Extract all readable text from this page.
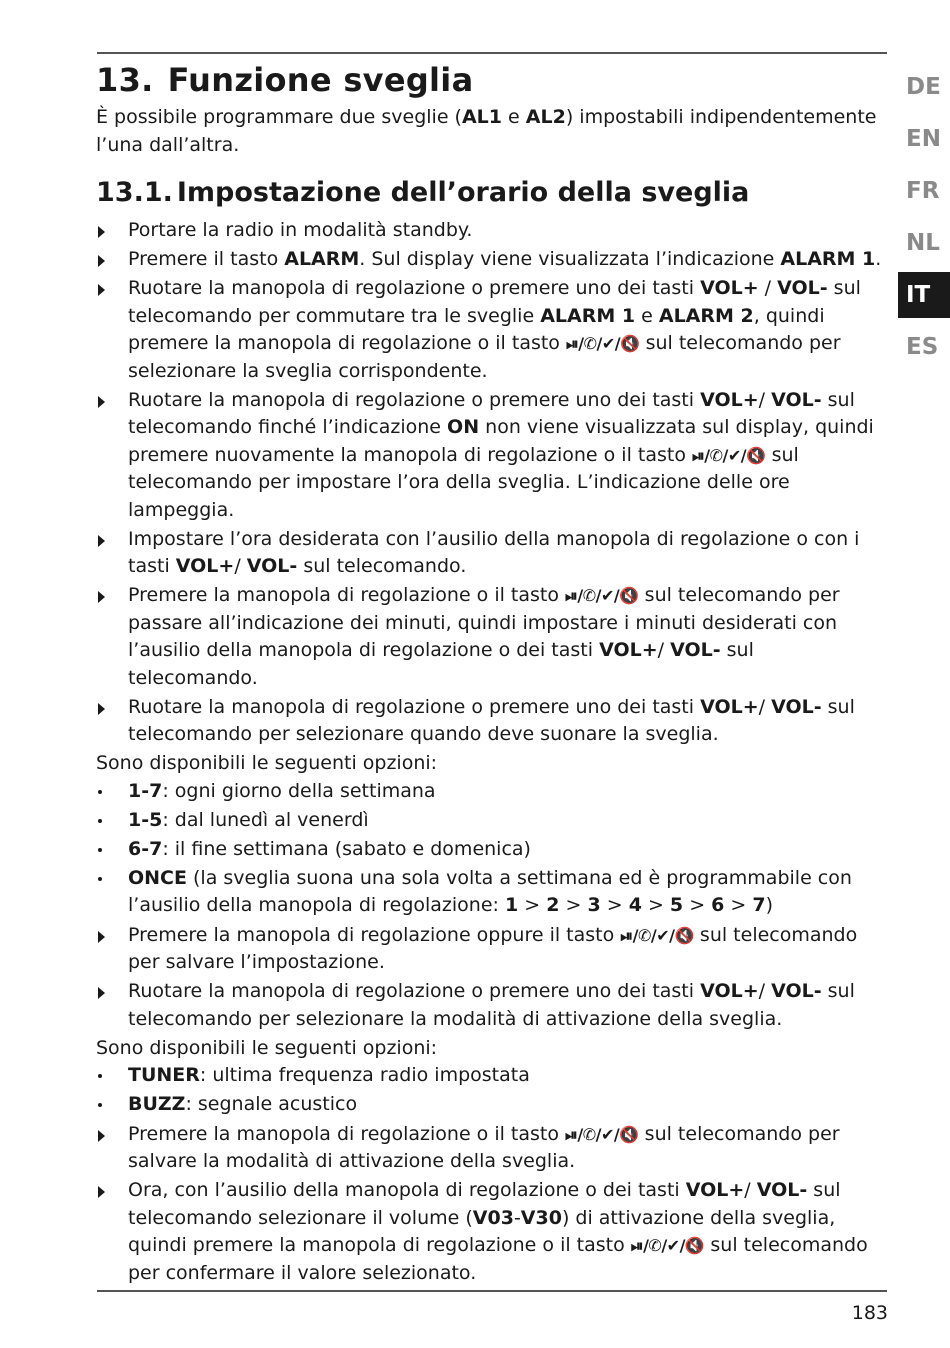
13. Funzione sveglia

È possibile programmare due sveglie (AL1 e AL2) impostabili indipendentemente l’una dall’altra.

13.1. Impostazione dell’orario della sveglia
Portare la radio in modalità standby.
Premere il tasto ALARM. Sul display viene visualizzata l’indicazione ALARM 1.
Ruotare la manopola di regolazione o premere uno dei tasti VOL+ / VOL- sul telecomando per commutare tra le sveglie ALARM 1 e ALARM 2, quindi premere la manopola di regolazione o il tasto ⏯/✆/✔/🔇 sul telecomando per selezionare la sveglia corrispondente.
Ruotare la manopola di regolazione o premere uno dei tasti VOL+/ VOL- sul telecomando finché l’indicazione ON non viene visualizzata sul display, quindi premere nuovamente la manopola di regolazione o il tasto ⏯/✆/✔/🔇 sul telecomando per impostare l’ora della sveglia. L’indicazione delle ore lampeggia.
Impostare l’ora desiderata con l’ausilio della manopola di regolazione o con i tasti VOL+/ VOL- sul telecomando.
Premere la manopola di regolazione o il tasto ⏯/✆/✔/🔇 sul telecomando per passare all’indicazione dei minuti, quindi impostare i minuti desiderati con l’ausilio della manopola di regolazione o dei tasti VOL+/ VOL- sul telecomando.
Ruotare la manopola di regolazione o premere uno dei tasti VOL+/ VOL- sul telecomando per selezionare quando deve suonare la sveglia.

Sono disponibili le seguenti opzioni:

1-7: ogni giorno della settimana
1-5: dal lunedì al venerdì
6-7: il fine settimana (sabato e domenica)
ONCE (la sveglia suona una sola volta a settimana ed è programmabile con l’ausilio della manopola di regolazione: 1 > 2 > 3 > 4 > 5 > 6 > 7)
Premere la manopola di regolazione oppure il tasto ⏯/✆/✔/🔇 sul telecomando per salvare l’impostazione.
Ruotare la manopola di regolazione o premere uno dei tasti VOL+/ VOL- sul telecomando per selezionare la modalità di attivazione della sveglia.

Sono disponibili le seguenti opzioni:

TUNER: ultima frequenza radio impostata
BUZZ: segnale acustico
Premere la manopola di regolazione o il tasto ⏯/✆/✔/🔇 sul telecomando per salvare la modalità di attivazione della sveglia.
Ora, con l’ausilio della manopola di regolazione o dei tasti VOL+/ VOL- sul telecomando selezionare il volume (V03-V30) di attivazione della sveglia, quindi premere la manopola di regolazione o il tasto ⏯/✆/✔/🔇 sul telecomando per confermare il valore selezionato.
DE
EN
FR
NL
IT
ES
183
